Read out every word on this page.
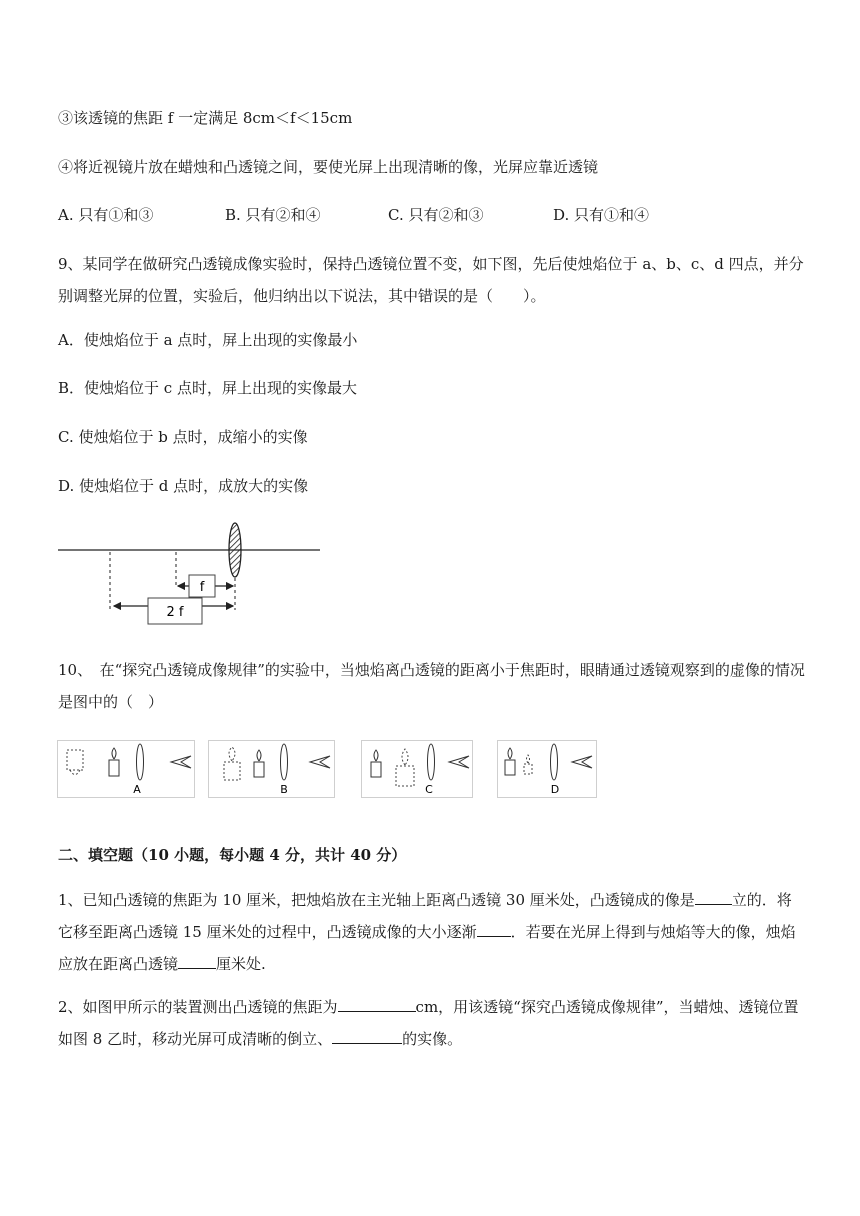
③该透镜的焦距 f 一定满足 8cm＜f＜15cm
④将近视镜片放在蜡烛和凸透镜之间，要使光屏上出现清晰的像，光屏应靠近透镜
A. 只有①和③	B. 只有②和④	C. 只有②和③	D. 只有①和④
9、某同学在做研究凸透镜成像实验时，保持凸透镜位置不变，如下图，先后使烛焰位于 a、b、c、d 四点，并分别调整光屏的位置，实验后，他归纳出以下说法，其中错误的是（　　）。
A．使烛焰位于 a 点时，屏上出现的实像最小
B．使烛焰位于 c 点时，屏上出现的实像最大
C. 使烛焰位于 b 点时，成缩小的实像
D. 使烛焰位于 d 点时，成放大的实像
f
2 f
10、　在“探究凸透镜成像规律”的实验中，当烛焰离凸透镜的距离小于焦距时，眼睛通过透镜观察到的虚像的情况是图中的（　）
A	B	C	D
二、填空题（10 小题，每小题 4 分，共计 40 分）
1、已知凸透镜的焦距为 10 厘米，把烛焰放在主光轴上距离凸透镜 30 厘米处，凸透镜成的像是 立的．将它移至距离凸透镜 15 厘米处的过程中，凸透镜成像的大小逐渐 ．若要在光屏上得到与烛焰等大的像，烛焰应放在距离凸透镜	厘米处.
2、如图甲所示的装置测出凸透镜的焦距为	cm，用该透镜“探究凸透镜成像规律”，当蜡烛、透镜位置如图 8 乙时，移动光屏可成清晰的倒立、	的实像。
